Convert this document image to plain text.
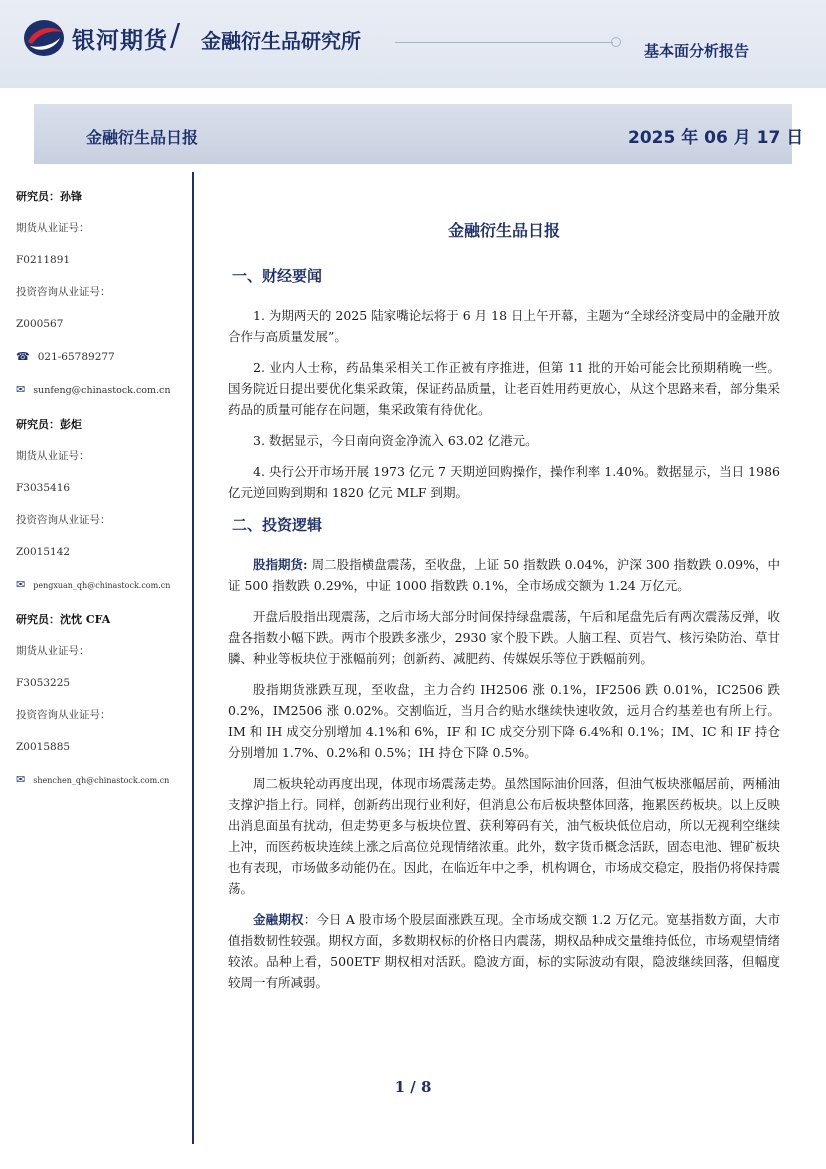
银河期货 / 金融衍生品研究所	基本面分析报告
金融衍生品日报	2025 年 06 月 17 日
研究员：孙锋
期货从业证号：
F0211891
投资咨询从业证号：
Z000567
☎ 021-65789277
✉ sunfeng@chinastock.com.cn
研究员：彭炬
期货从业证号：
F3035416
投资咨询从业证号：
Z0015142
✉ pengxuan_qh@chinastock.com.cn
研究员：沈忱 CFA
期货从业证号：
F3053225
投资咨询从业证号：
Z0015885
✉ shenchen_qh@chinastock.com.cn
金融衍生品日报
一、财经要闻

1. 为期两天的 2025 陆家嘴论坛将于 6 月 18 日上午开幕，主题为“全球经济变局中的金融开放合作与高质量发展”。

2. 业内人士称，药品集采相关工作正被有序推进，但第 11 批的开始可能会比预期稍晚一些。国务院近日提出要优化集采政策，保证药品质量，让老百姓用药更放心，从这个思路来看，部分集采药品的质量可能存在问题，集采政策有待优化。

3. 数据显示，今日南向资金净流入 63.02 亿港元。

4. 央行公开市场开展 1973 亿元 7 天期逆回购操作，操作利率 1.40%。数据显示，当日 1986 亿元逆回购到期和 1820 亿元 MLF 到期。

二、投资逻辑

股指期货: 周二股指横盘震荡，至收盘，上证 50 指数跌 0.04%，沪深 300 指数跌 0.09%，中证 500 指数跌 0.29%，中证 1000 指数跌 0.1%，全市场成交额为 1.24 万亿元。

开盘后股指出现震荡，之后市场大部分时间保持绿盘震荡，午后和尾盘先后有两次震荡反弹，收盘各指数小幅下跌。两市个股跌多涨少，2930 家个股下跌。人脑工程、页岩气、核污染防治、草甘膦、种业等板块位于涨幅前列；创新药、减肥药、传媒娱乐等位于跌幅前列。

股指期货涨跌互现，至收盘，主力合约 IH2506 涨 0.1%，IF2506 跌 0.01%，IC2506 跌 0.2%，IM2506 涨 0.02%。交割临近，当月合约贴水继续快速收敛，远月合约基差也有所上行。IM 和 IH 成交分别增加 4.1%和 6%，IF 和 IC 成交分别下降 6.4%和 0.1%；IM、IC 和 IF 持仓分别增加 1.7%、0.2%和 0.5%；IH 持仓下降 0.5%。

周二板块轮动再度出现，体现市场震荡走势。虽然国际油价回落，但油气板块涨幅居前，两桶油支撑沪指上行。同样，创新药出现行业利好，但消息公布后板块整体回落，拖累医药板块。以上反映出消息面虽有扰动，但走势更多与板块位置、获利筹码有关，油气板块低位启动，所以无视利空继续上冲，而医药板块连续上涨之后高位兑现情绪浓重。此外，数字货币概念活跃，固态电池、锂矿板块也有表现，市场做多动能仍在。因此，在临近年中之季，机构调仓，市场成交稳定，股指仍将保持震荡。

金融期权：今日 A 股市场个股层面涨跌互现。全市场成交额 1.2 万亿元。宽基指数方面，大市值指数韧性较强。期权方面，多数期权标的价格日内震荡，期权品种成交量维持低位，市场观望情绪较浓。品种上看，500ETF 期权相对活跃。隐波方面，标的实际波动有限，隐波继续回落，但幅度较周一有所减弱。

1 / 8
